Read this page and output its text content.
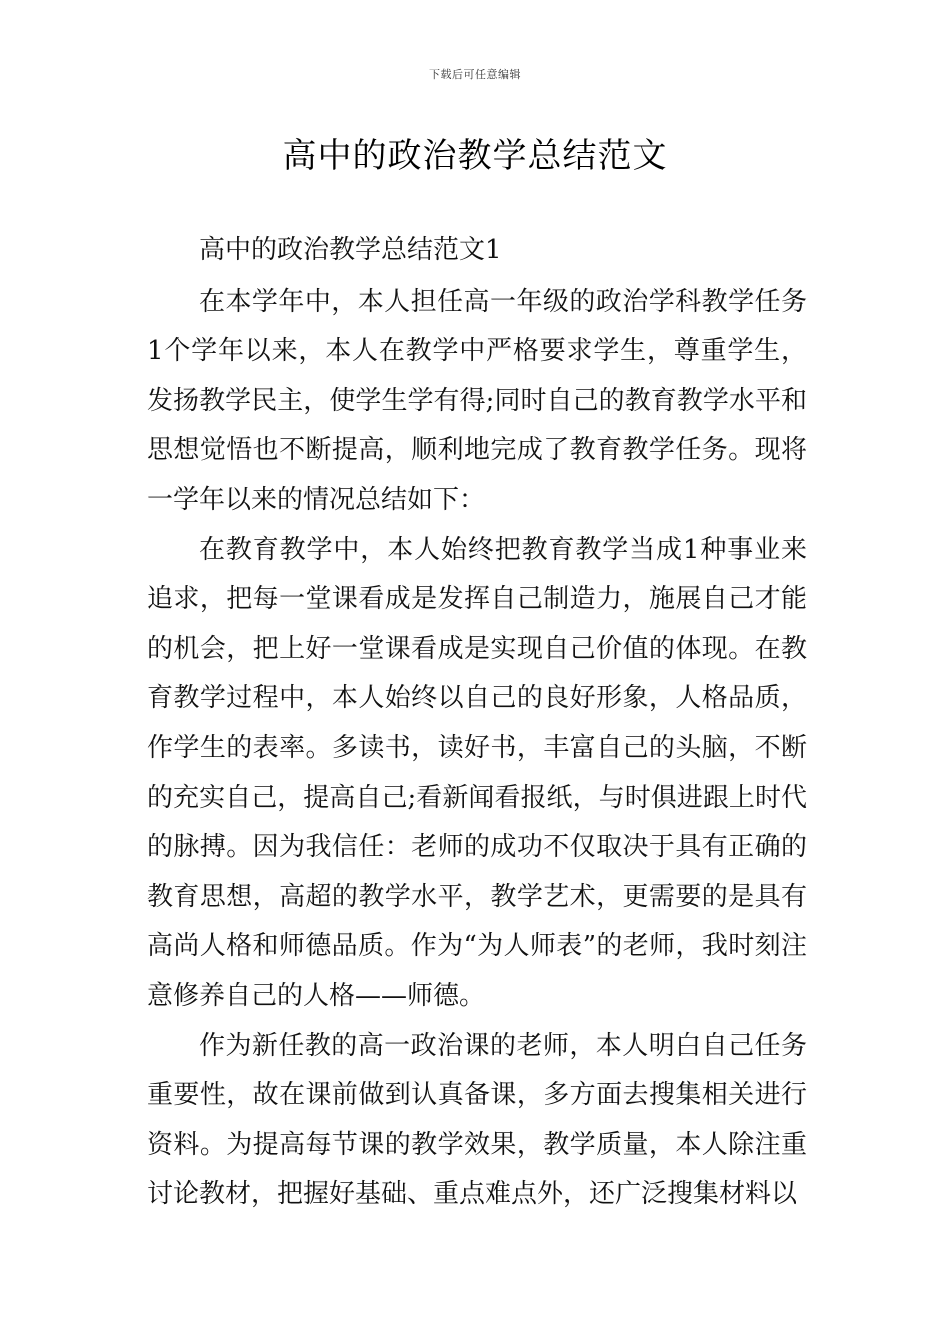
下载后可任意编辑
高中的政治教学总结范文

高中的政治教学总结范文1

在本学年中，本人担任高一年级的政治学科教学任务1个学年以来，本人在教学中严格要求学生，尊重学生，发扬教学民主，使学生学有得;同时自己的教育教学水平和思想觉悟也不断提高，顺利地完成了教育教学任务。现将一学年以来的情况总结如下：

在教育教学中，本人始终把教育教学当成1种事业来追求，把每一堂课看成是发挥自己制造力，施展自己才能的机会，把上好一堂课看成是实现自己价值的体现。在教育教学过程中，本人始终以自己的良好形象，人格品质，作学生的表率。多读书，读好书，丰富自己的头脑，不断的充实自己，提高自己;看新闻看报纸，与时俱进跟上时代的脉搏。因为我信任：老师的成功不仅取决于具有正确的教育思想，高超的教学水平，教学艺术，更需要的是具有高尚人格和师德品质。作为“为人师表”的老师，我时刻注意修养自己的人格——师德。

作为新任教的高一政治课的老师，本人明白自己任务重要性，故在课前做到认真备课，多方面去搜集相关进行资料。为提高每节课的教学效果，教学质量，本人除注重讨论教材，把握好基础、重点难点外，还广泛搜集材料以
